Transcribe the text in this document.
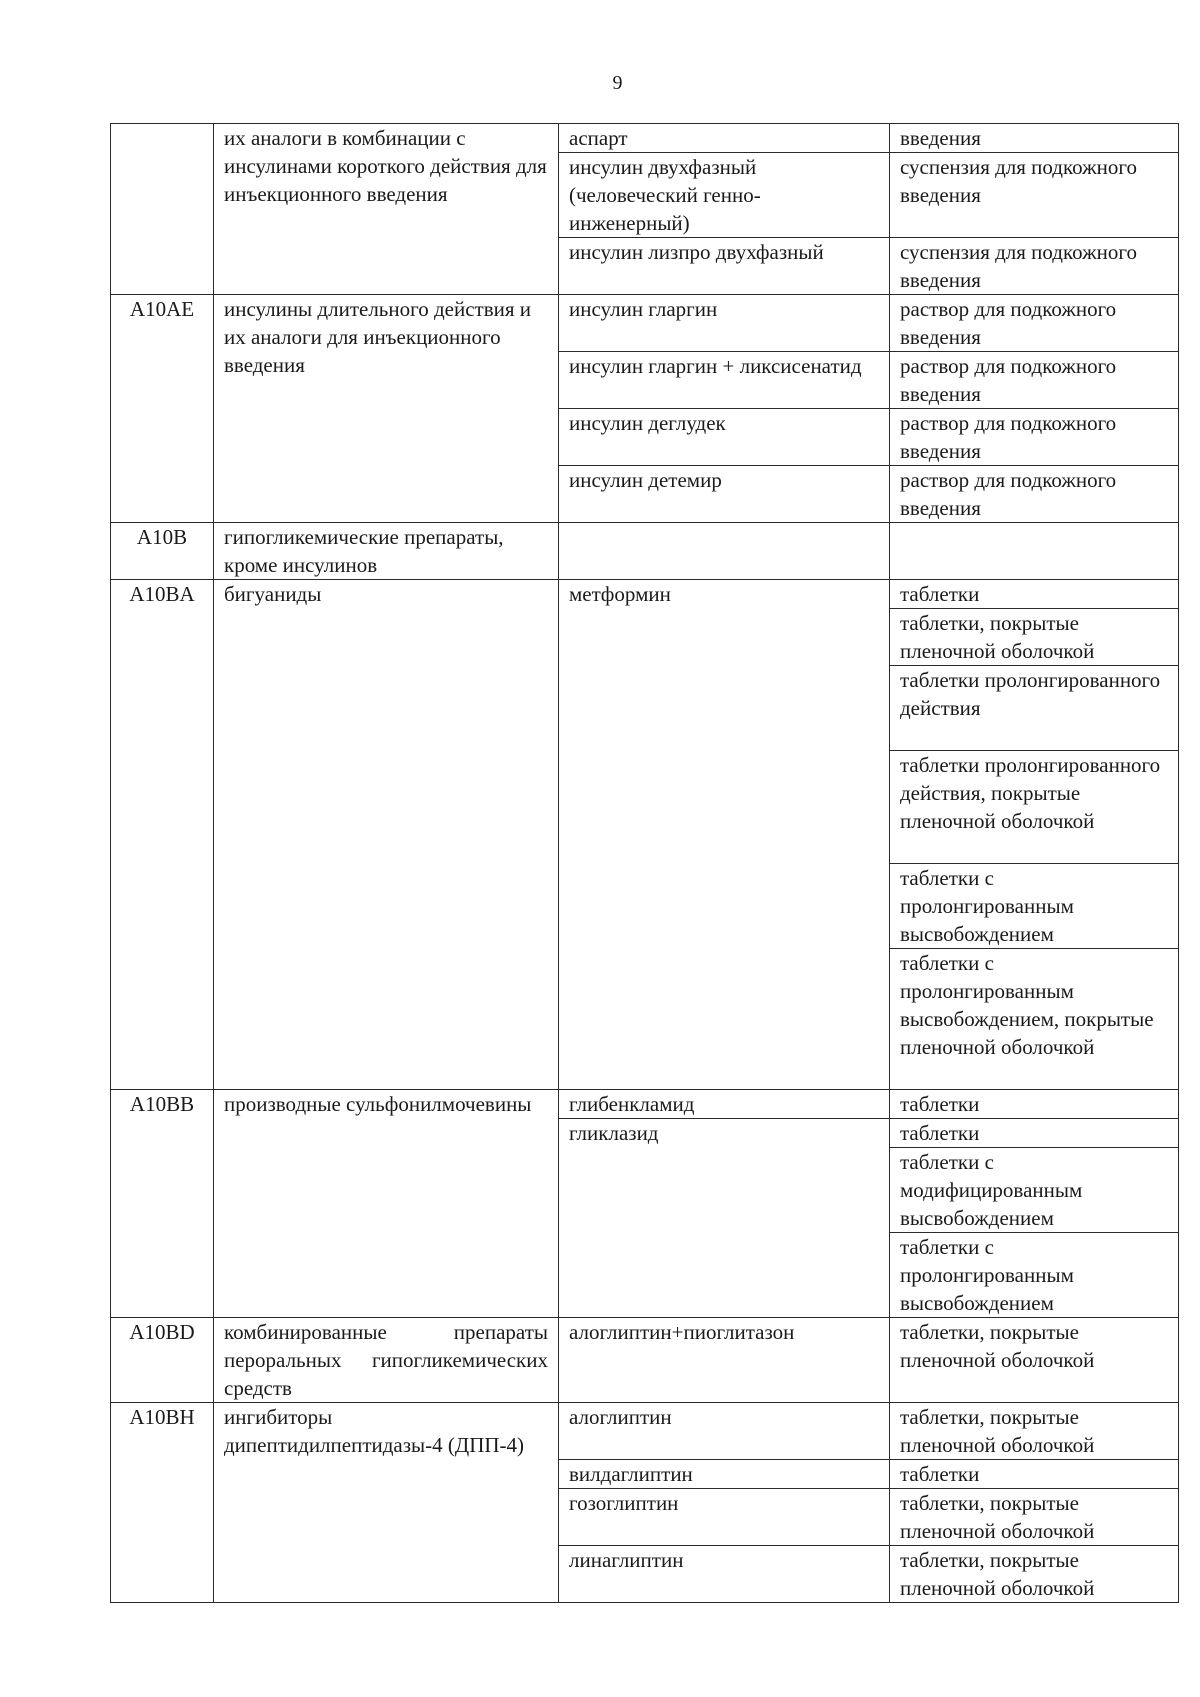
9
	их аналоги в комбинации с инсулинами короткого действия для инъекционного введения	аспарт	введения
		инсулин двухфазный (человеческий генно-инженерный)	суспензия для подкожного введения
		инсулин лизпро двухфазный	суспензия для подкожного введения
A10AE	инсулины длительного действия и их аналоги для инъекционного введения	инсулин гларгин	раствор для подкожного введения
		инсулин гларгин + ликсисенатид	раствор для подкожного введения
		инсулин деглудек	раствор для подкожного введения
		инсулин детемир	раствор для подкожного введения
A10B	гипогликемические препараты, кроме инсулинов		
A10BA	бигуаниды	метформин	таблетки
			таблетки, покрытые пленочной оболочкой
			таблетки пролонгированного действия
			таблетки пролонгированного действия, покрытые пленочной оболочкой
			таблетки с пролонгированным высвобождением
			таблетки с пролонгированным высвобождением, покрытые пленочной оболочкой
A10BB	производные сульфонилмочевины	глибенкламид	таблетки
		гликлазид	таблетки
			таблетки с модифицированным высвобождением
			таблетки с пролонгированным высвобождением
A10BD	комбинированные препараты пероральных гипогликемических средств	алоглиптин+пиоглитазон	таблетки, покрытые пленочной оболочкой
A10BH	ингибиторы дипептидилпептидазы-4 (ДПП-4)	алоглиптин	таблетки, покрытые пленочной оболочкой
		вилдаглиптин	таблетки
		гозоглиптин	таблетки, покрытые пленочной оболочкой
		линаглиптин	таблетки, покрытые пленочной оболочкой
